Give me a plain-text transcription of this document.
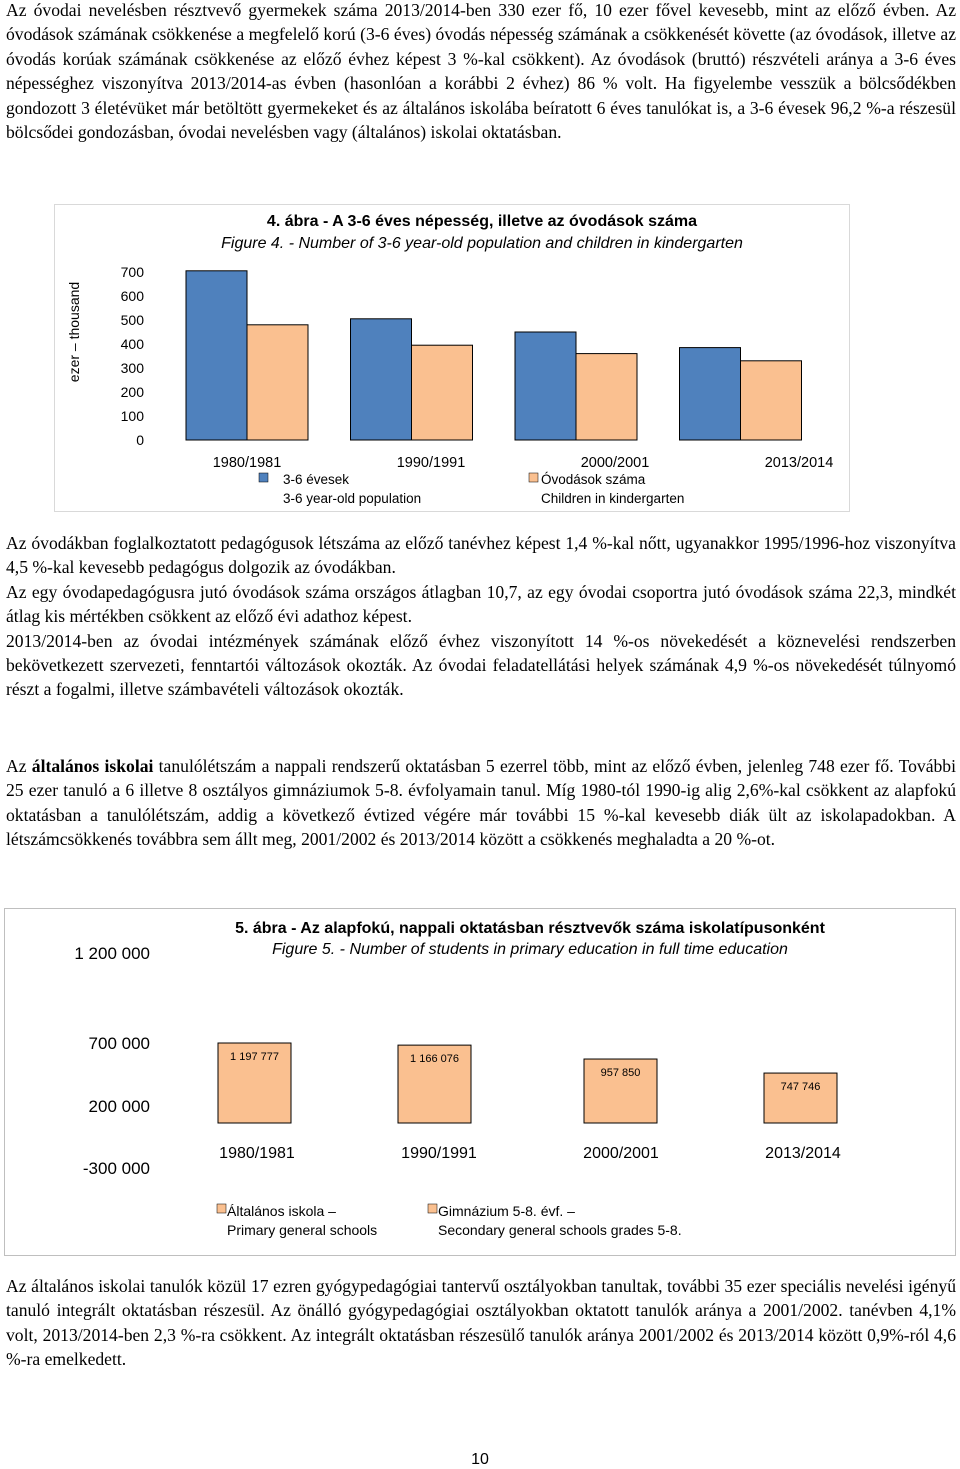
Az óvodai nevelésben résztvevő gyermekek száma 2013/2014-ben 330 ezer fő, 10 ezer fővel kevesebb, mint az előző évben. Az óvodások számának csökkenése a megfelelő korú (3-6 éves) óvodás népesség számának a csökkenését követte (az óvodások, illetve az óvodás korúak számának csökkenése az előző évhez képest 3 %-kal csökkent). Az óvodások (bruttó) részvételi aránya a 3-6 éves népességhez viszonyítva 2013/2014-as évben (hasonlóan a korábbi 2 évhez) 86 % volt. Ha figyelembe vesszük a bölcsődékben gondozott 3 életévüket már betöltött gyermekeket és az általános iskolába beíratott 6 éves tanulókat is, a 3-6 évesek 96,2 %-a részesül bölcsődei gondozásban, óvodai nevelésben vagy (általános) iskolai oktatásban.

4. ábra - A 3-6 éves népesség, illetve az óvodások száma
Figure 4. - Number of 3-6 year-old population and children in kindergarten
ezer – thousand
0
100
200
300
400
500
600
700
1980/1981	1990/1991	2000/2001	2013/2014
3-6 évesek
3-6 year-old population
Óvodások száma
Children in kindergarten
Az óvodákban foglalkoztatott pedagógusok létszáma az előző tanévhez képest 1,4 %-kal nőtt, ugyanakkor 1995/1996-hoz viszonyítva 4,5 %-kal kevesebb pedagógus dolgozik az óvodákban.
Az egy óvodapedagógusra jutó óvodások száma országos átlagban 10,7, az egy óvodai csoportra jutó óvodások száma 22,3, mindkét átlag kis mértékben csökkent az előző évi adathoz képest.
2013/2014-ben az óvodai intézmények számának előző évhez viszonyított 14 %-os növekedését a köznevelési rendszerben bekövetkezett szervezeti, fenntartói változások okozták. Az óvodai feladatellátási helyek számának 4,9 %-os növekedését túlnyomó részt a fogalmi, illetve számbavételi változások okozták.

Az általános iskolai tanulólétszám a nappali rendszerű oktatásban 5 ezerrel több, mint az előző évben, jelenleg 748 ezer fő. További 25 ezer tanuló a 6 illetve 8 osztályos gimnáziumok 5-8. évfolyamain tanul. Míg 1980-tól 1990-ig alig 2,6%-kal csökkent az alapfokú oktatásban a tanulólétszám, addig a következő évtized végére már további 15 %-kal kevesebb diák ült az iskolapadokban. A létszámcsökkenés továbbra sem állt meg, 2001/2002 és 2013/2014 között a csökkenés meghaladta a 20 %-ot.

5. ábra - Az alapfokú, nappali oktatásban résztvevők száma iskolatípusonként
Figure 5. - Number of students in primary education in full time education
1 200 000
700 000
200 000
-300 000
1 197 777	1 166 076
957 850
747 746
1980/1981	1990/1991	2000/2001	2013/2014
Általános iskola –
Primary general schools
Gimnázium 5-8. évf. –
Secondary general schools grades 5-8.

Az általános iskolai tanulók közül 17 ezren gyógypedagógiai tantervű osztályokban tanultak, további 35 ezer speciális nevelési igényű tanuló integrált oktatásban részesül. Az önálló gyógypedagógiai osztályokban oktatott tanulók aránya a 2001/2002. tanévben 4,1% volt, 2013/2014-ben 2,3 %-ra csökkent. Az integrált oktatásban részesülő tanulók aránya 2001/2002 és 2013/2014 között 0,9%-ról 4,6 %-ra emelkedett.

10
